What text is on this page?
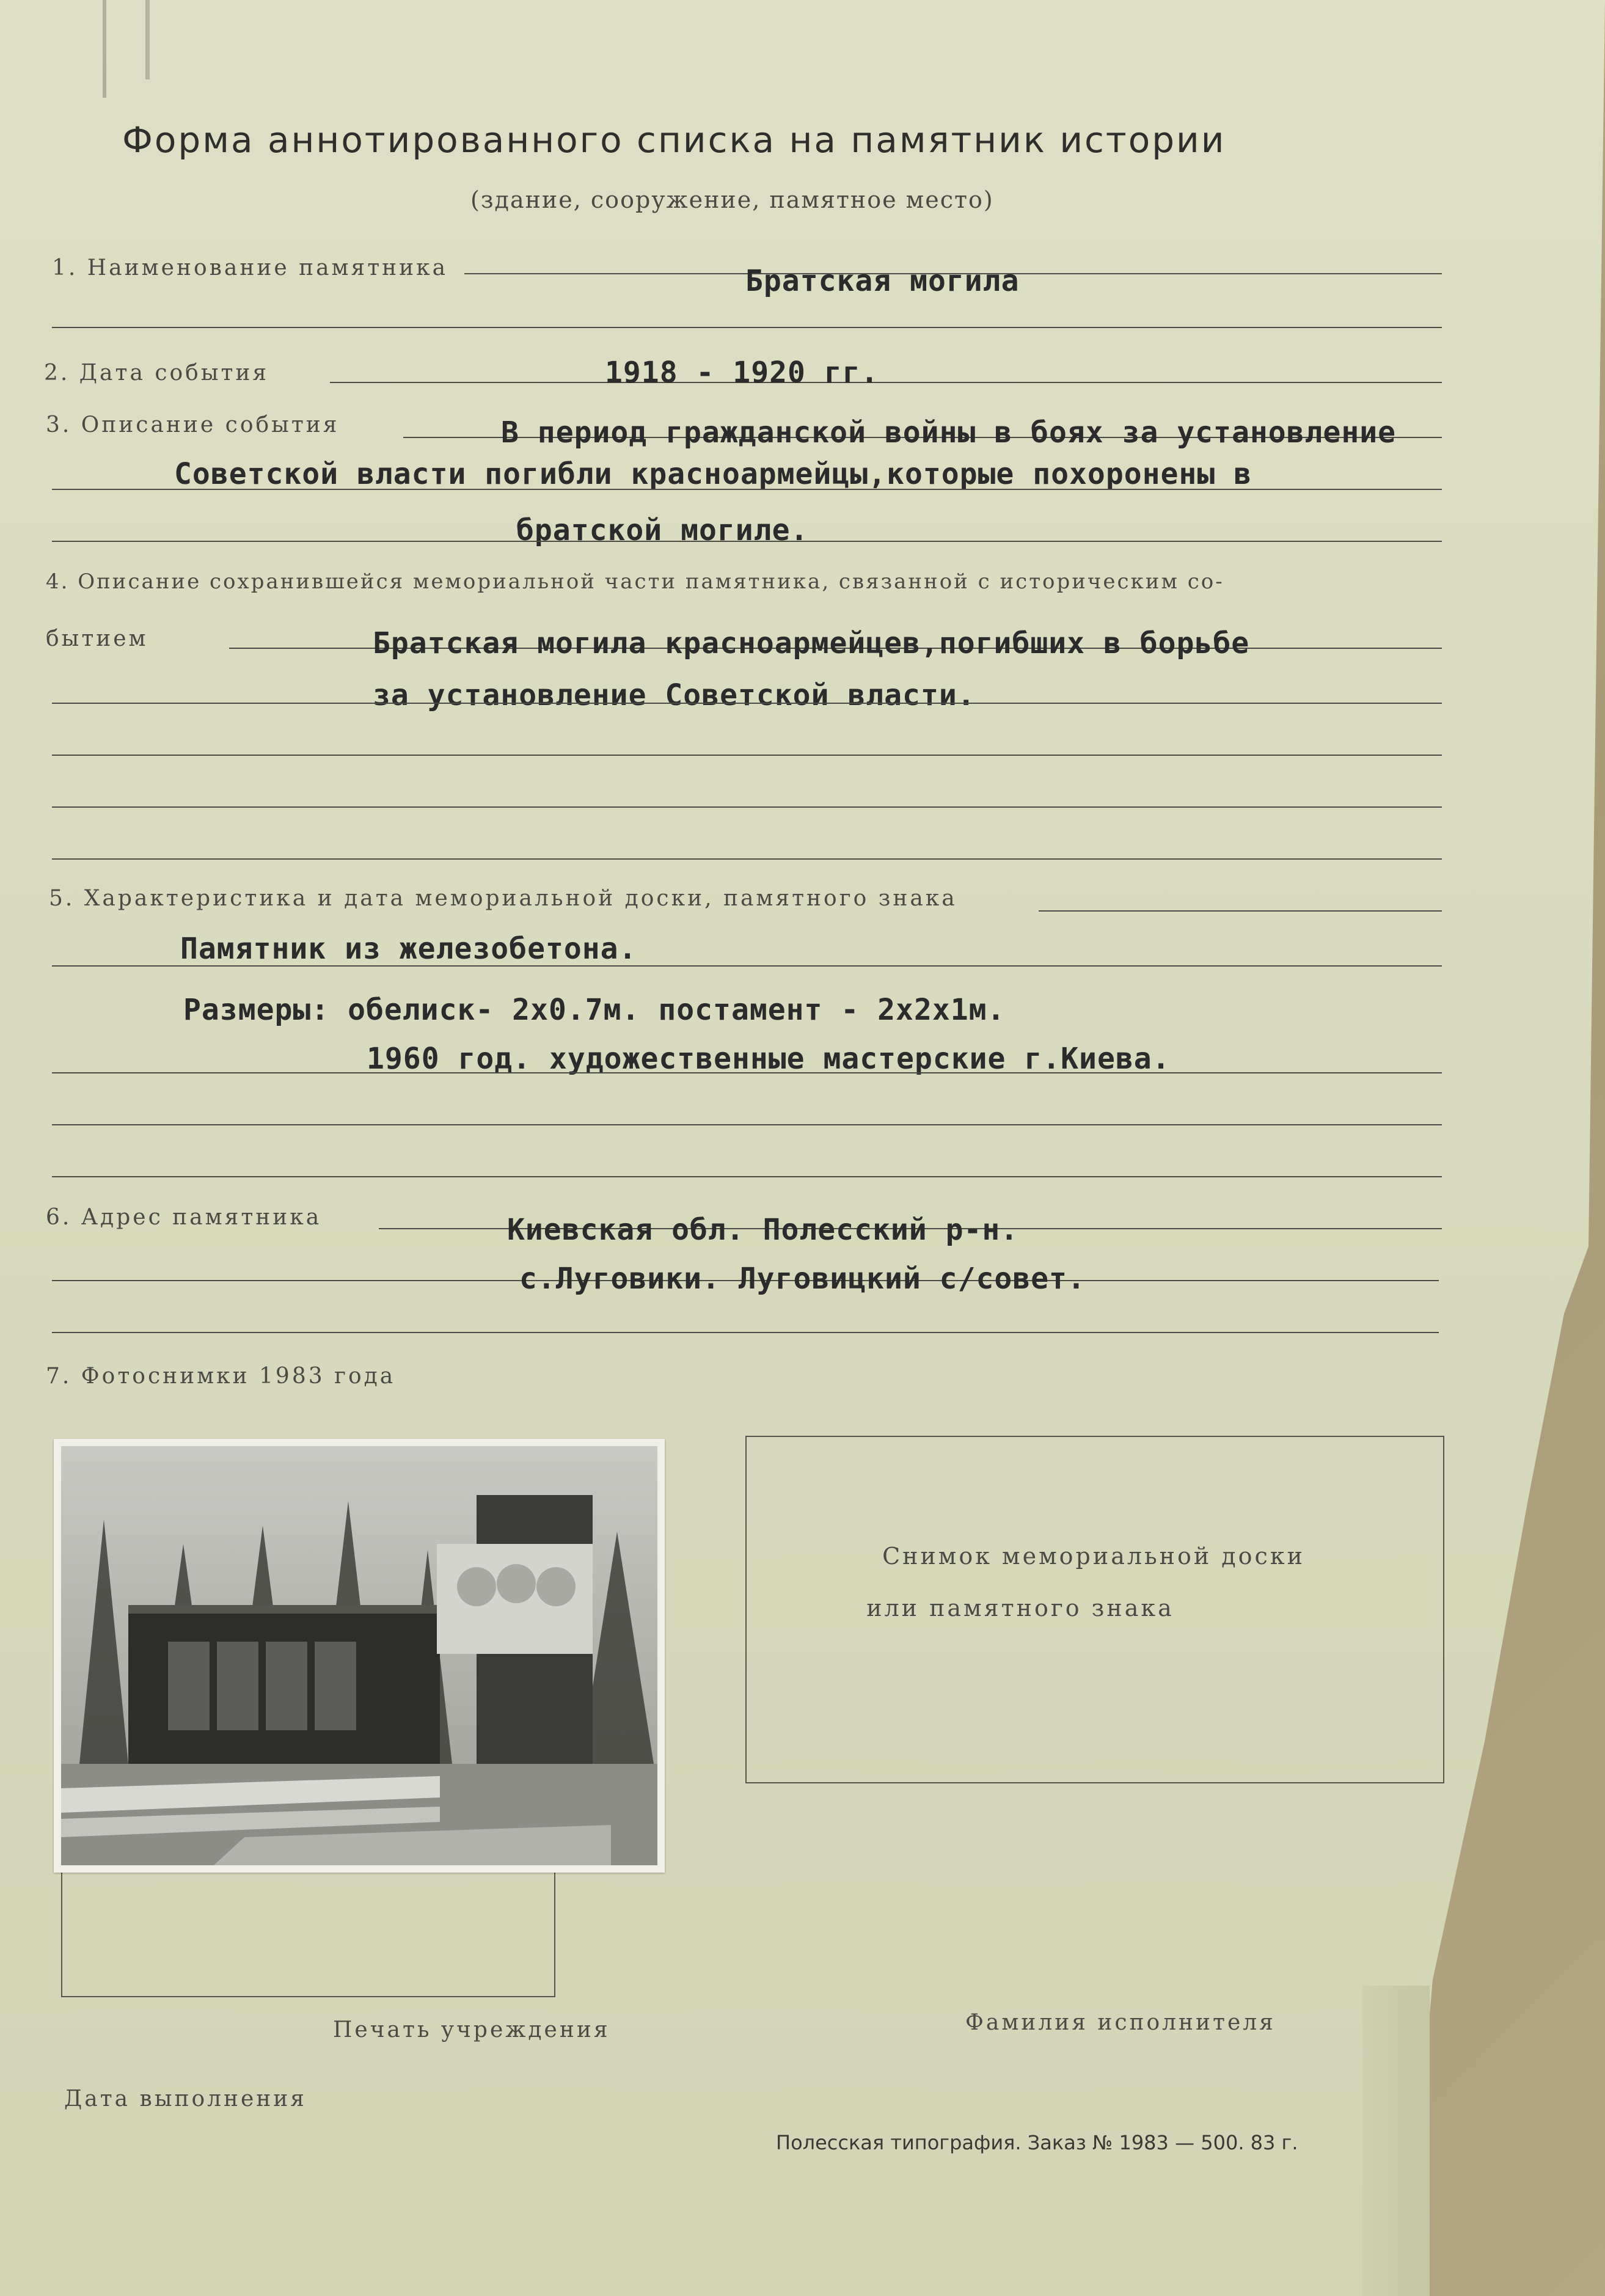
Форма аннотированного списка на памятник истории
(здание, сооружение, памятное место)
1. Наименование памятника	Братская могила
2. Дата события	1918 - 1920 гг.
3. Описание события	В период гражданской войны в боях за установление
Советской власти погибли красноармейцы,которые похоронены в
братской могиле.
4. Описание сохранившейся мемориальной части памятника, связанной с историческим со-
бытием	Братская могила красноармейцев,погибших в борьбе
за установление Советской власти.
5. Характеристика и дата мемориальной доски, памятного знака
Памятник из железобетона.
Размеры: обелиск- 2х0.7м. постамент - 2х2х1м.
1960 год. художественные мастерские г.Киева.
6. Адрес памятника	Киевская обл. Полесский р-н.
с.Луговики. Луговицкий с/совет.
7. Фотоснимки 1983 года
Снимок мемориальной доски
или памятного знака
Печать учреждения	Фамилия исполнителя
Дата выполнения
Полесская типография. Заказ № 1983 — 500. 83 г.
